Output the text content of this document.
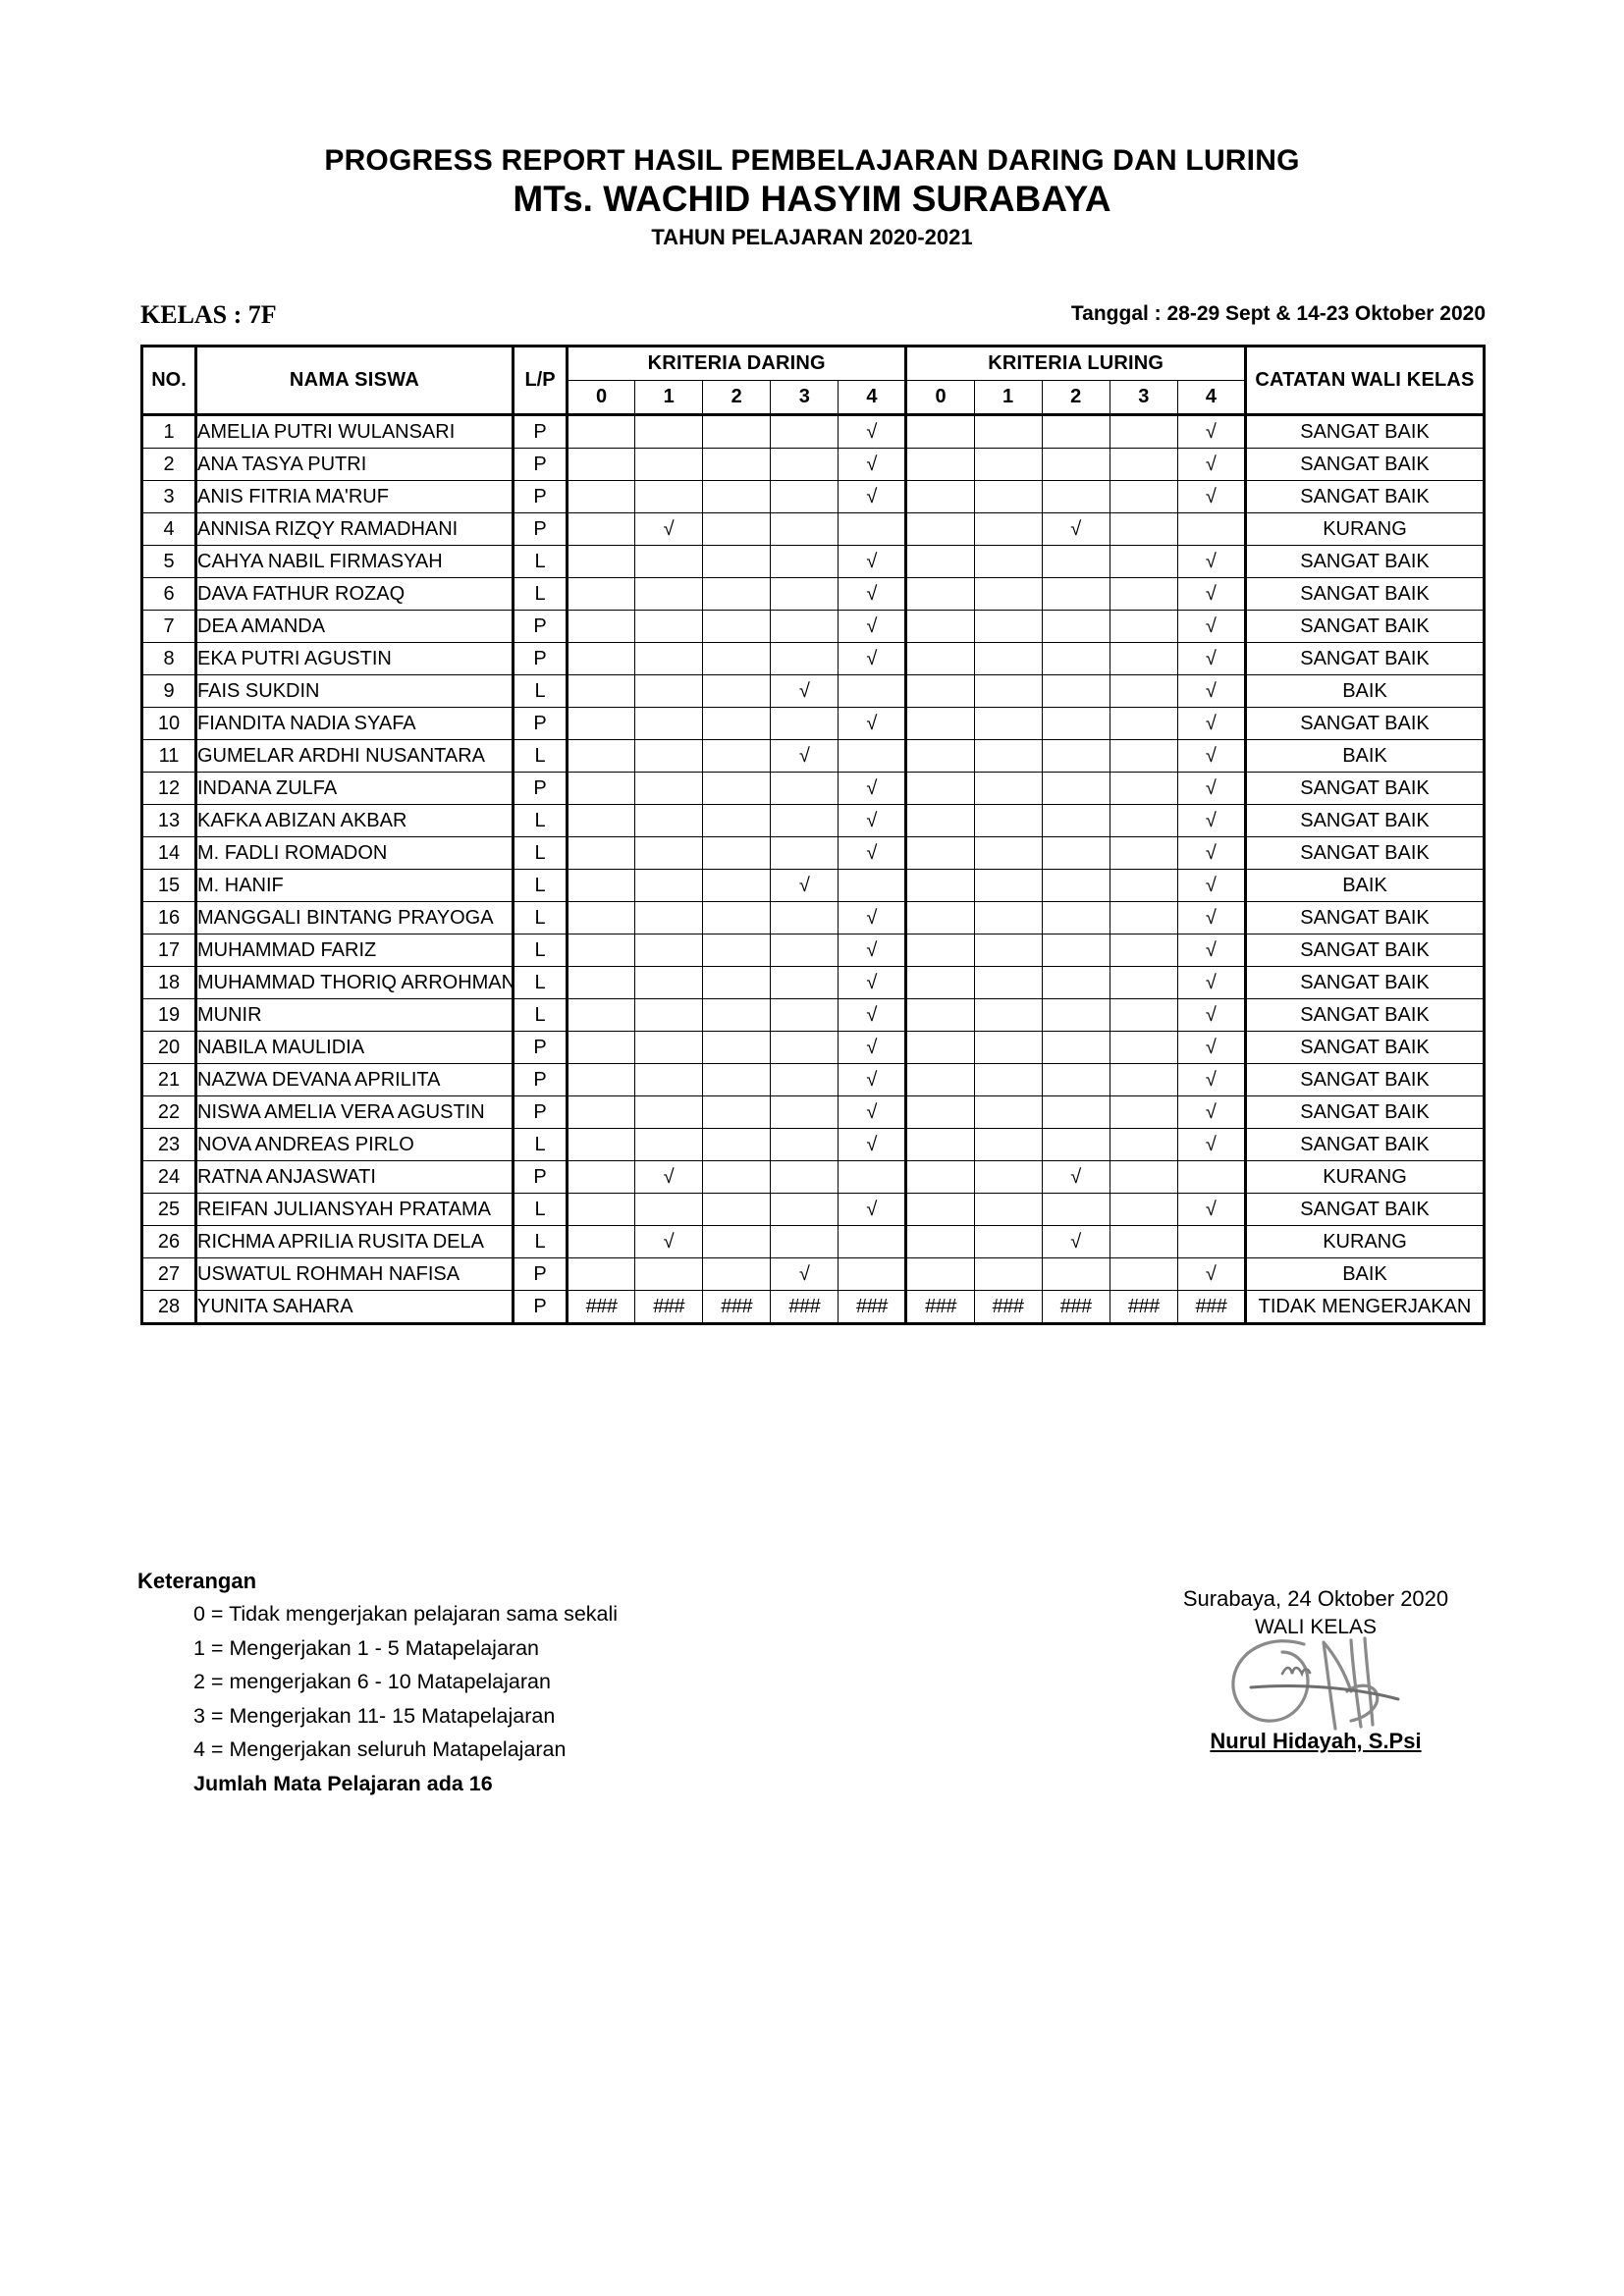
PROGRESS REPORT HASIL PEMBELAJARAN DARING DAN LURING
MTs. WACHID HASYIM SURABAYA
TAHUN PELAJARAN 2020-2021
KELAS : 7F	Tanggal : 28-29 Sept & 14-23 Oktober 2020
NO.	NAMA SISWA	L/P	KRITERIA DARING					KRITERIA LURING					CATATAN WALI KELAS
			0	1	2	3	4	0	1	2	3	4	
1	AMELIA PUTRI WULANSARI	P					√					√	SANGAT BAIK
2	ANA TASYA PUTRI	P					√					√	SANGAT BAIK
3	ANIS FITRIA MA'RUF	P					√					√	SANGAT BAIK
4	ANNISA RIZQY RAMADHANI	P		√						√			KURANG
5	CAHYA NABIL FIRMASYAH	L					√					√	SANGAT BAIK
6	DAVA FATHUR ROZAQ	L					√					√	SANGAT BAIK
7	DEA AMANDA	P					√					√	SANGAT BAIK
8	EKA PUTRI AGUSTIN	P					√					√	SANGAT BAIK
9	FAIS SUKDIN	L				√						√	BAIK
10	FIANDITA NADIA SYAFA	P					√					√	SANGAT BAIK
11	GUMELAR ARDHI NUSANTARA	L				√						√	BAIK
12	INDANA ZULFA	P					√					√	SANGAT BAIK
13	KAFKA ABIZAN AKBAR	L					√					√	SANGAT BAIK
14	M. FADLI ROMADON	L					√					√	SANGAT BAIK
15	M. HANIF	L				√						√	BAIK
16	MANGGALI BINTANG PRAYOGA	L					√					√	SANGAT BAIK
17	MUHAMMAD FARIZ	L					√					√	SANGAT BAIK
18	MUHAMMAD THORIQ ARROHMAN	L					√					√	SANGAT BAIK
19	MUNIR	L					√					√	SANGAT BAIK
20	NABILA MAULIDIA	P					√					√	SANGAT BAIK
21	NAZWA DEVANA APRILITA	P					√					√	SANGAT BAIK
22	NISWA AMELIA VERA AGUSTIN	P					√					√	SANGAT BAIK
23	NOVA ANDREAS PIRLO	L					√					√	SANGAT BAIK
24	RATNA ANJASWATI	P		√						√			KURANG
25	REIFAN JULIANSYAH PRATAMA	L					√					√	SANGAT BAIK
26	RICHMA APRILIA RUSITA DELA	L		√						√			KURANG
27	USWATUL ROHMAH NAFISA	P				√						√	BAIK
28	YUNITA SAHARA	P	###	###	###	###	###	###	###	###	###	###	TIDAK MENGERJAKAN
Keterangan
0 = Tidak mengerjakan pelajaran sama sekali
1 = Mengerjakan 1 - 5 Matapelajaran
2 = mengerjakan 6 - 10 Matapelajaran
3 = Mengerjakan 11- 15 Matapelajaran
4 = Mengerjakan seluruh Matapelajaran
Jumlah Mata Pelajaran ada 16
Surabaya, 24 Oktober 2020
WALI KELAS
Nurul Hidayah, S.Psi
